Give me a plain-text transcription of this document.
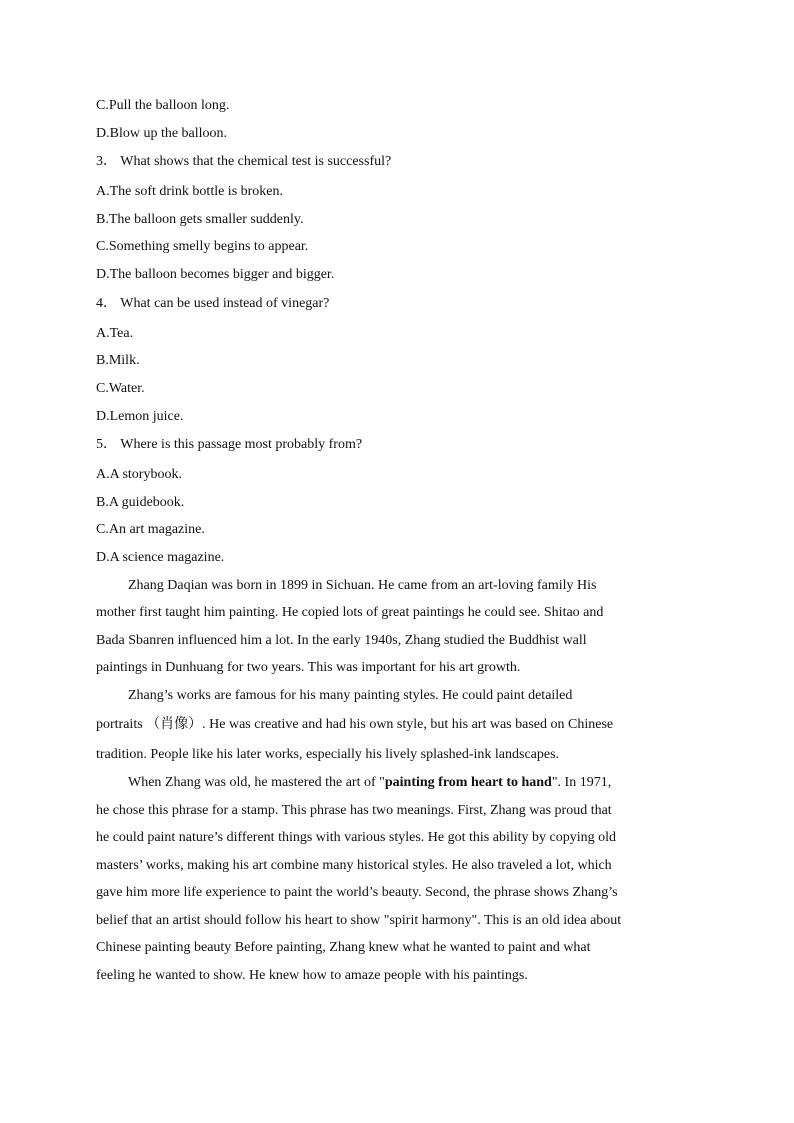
C.Pull the balloon long.
D.Blow up the balloon.
3． What shows that the chemical test is successful?
A.The soft drink bottle is broken.
B.The balloon gets smaller suddenly.
C.Something smelly begins to appear.
D.The balloon becomes bigger and bigger.
4． What can be used instead of vinegar?
A.Tea.
B.Milk.
C.Water.
D.Lemon juice.
5． Where is this passage most probably from?
A.A storybook.
B.A guidebook.
C.An art magazine.
D.A science magazine.
Zhang Daqian was born in 1899 in Sichuan. He came from an art-loving family His
mother first taught him painting. He copied lots of great paintings he could see. Shitao and
Bada Sbanren influenced him a lot. In the early 1940s, Zhang studied the Buddhist wall
paintings in Dunhuang for two years. This was important for his art growth.
Zhang’s works are famous for his many painting styles. He could paint detailed
portraits （肖像）. He was creative and had his own style, but his art was based on Chinese
tradition. People like his later works, especially his lively splashed-ink landscapes.
When Zhang was old, he mastered the art of "painting from heart to hand". In 1971,
he chose this phrase for a stamp. This phrase has two meanings. First, Zhang was proud that
he could paint nature’s different things with various styles. He got this ability by copying old
masters’ works, making his art combine many historical styles. He also traveled a lot, which
gave him more life experience to paint the world’s beauty. Second, the phrase shows Zhang’s
belief that an artist should follow his heart to show "spirit harmony". This is an old idea about
Chinese painting beauty Before painting, Zhang knew what he wanted to paint and what
feeling he wanted to show. He knew how to amaze people with his paintings.
